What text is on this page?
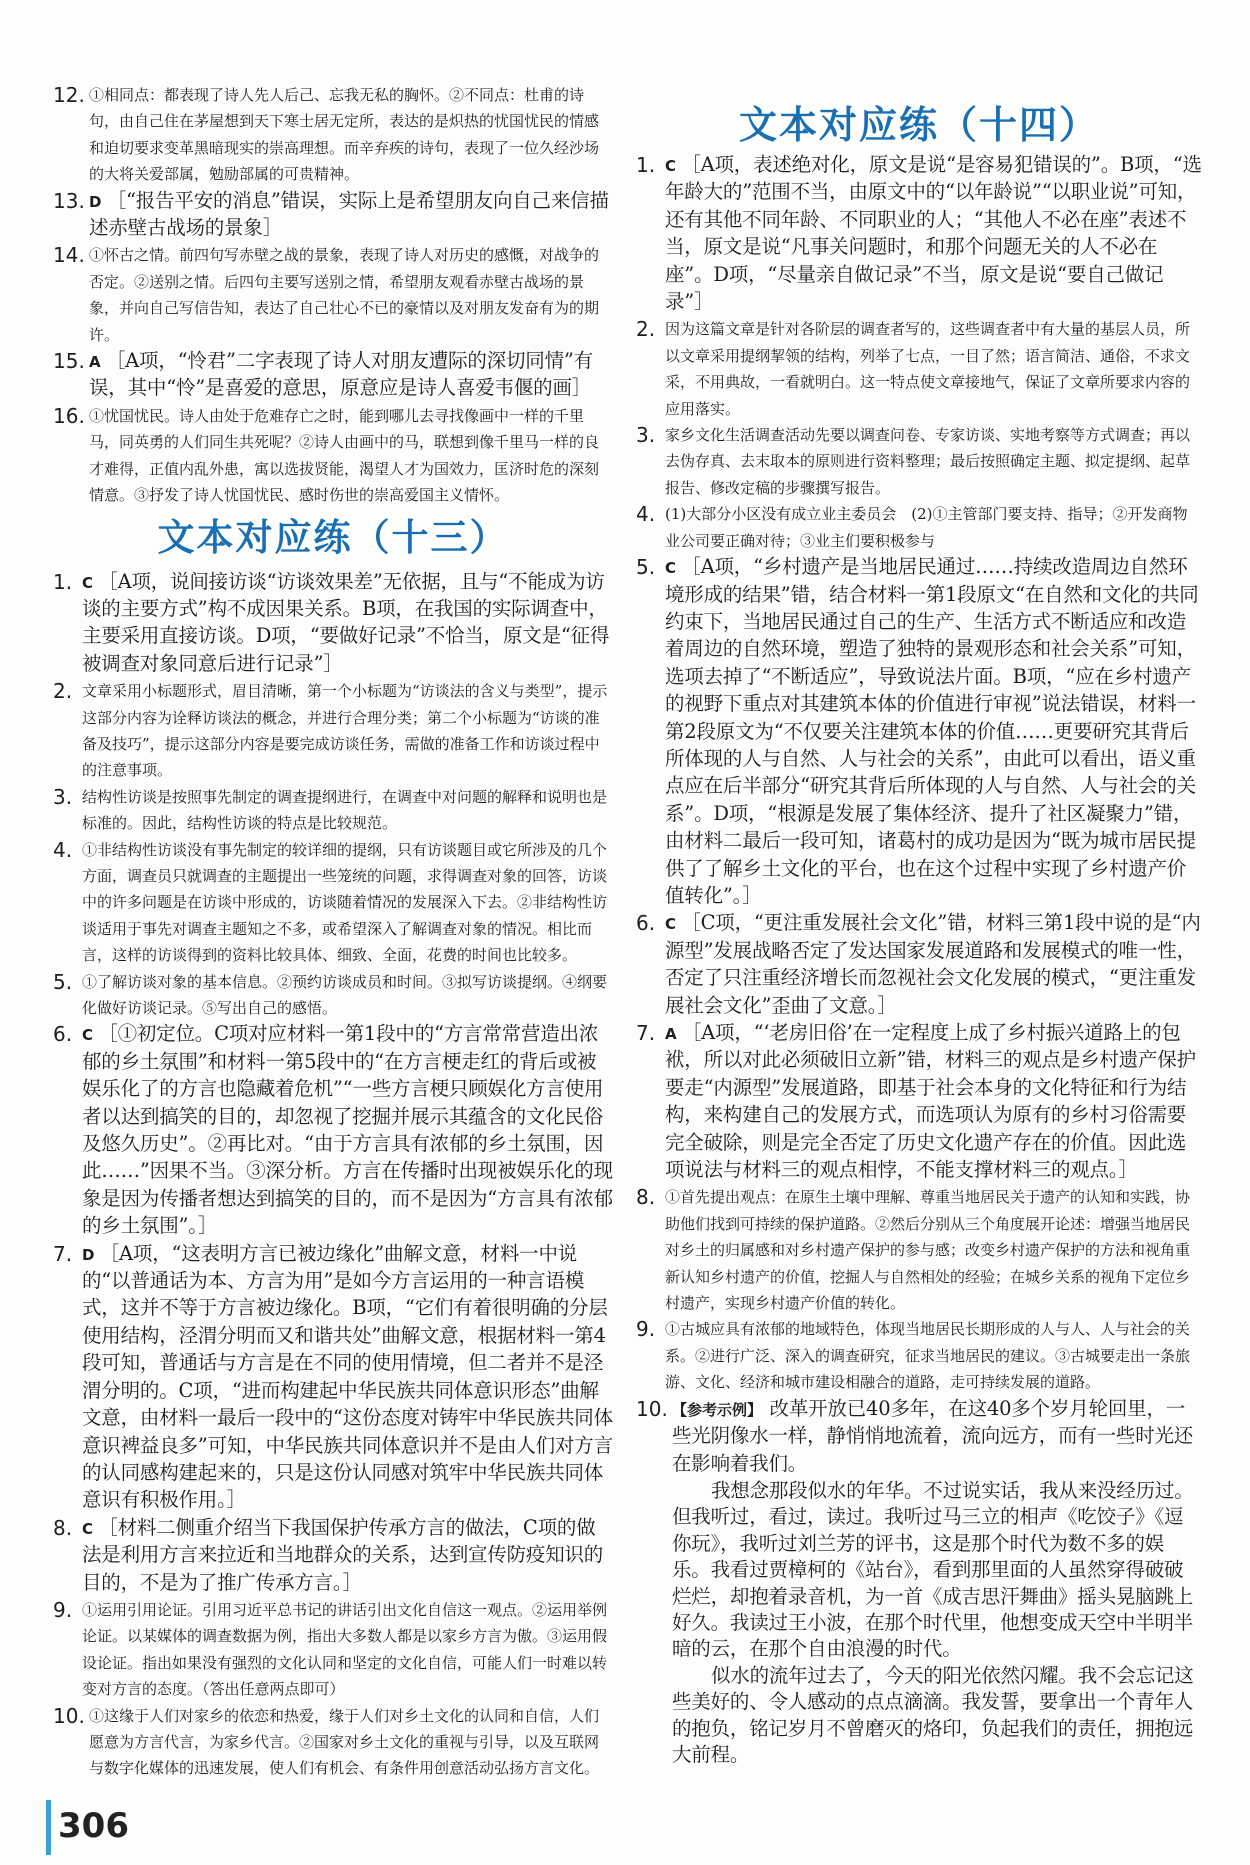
12. ①相同点：都表现了诗人先人后己、忘我无私的胸怀。②不同点：杜甫的诗句，由自己住在茅屋想到天下寒士居无定所，表达的是炽热的忧国忧民的情感和迫切要求变革黑暗现实的崇高理想。而辛弃疾的诗句，表现了一位久经沙场的大将关爱部属，勉励部属的可贵精神。

13. D　 ［“报告平安的消息”错误，实际上是希望朋友向自己来信描述赤壁古战场的景象］

14. ①怀古之情。前四句写赤壁之战的景象，表现了诗人对历史的感慨，对战争的否定。②送别之情。后四句主要写送别之情，希望朋友观看赤壁古战场的景象，并向自己写信告知，表达了自己壮心不已的豪情以及对朋友发奋有为的期许。

15. A　 ［A项，“怜君”二字表现了诗人对朋友遭际的深切同情”有误，其中“怜”是喜爱的意思，原意应是诗人喜爱韦偃的画］

16. ①忧国忧民。诗人由处于危难存亡之时，能到哪儿去寻找像画中一样的千里马，同英勇的人们同生共死呢？②诗人由画中的马，联想到像千里马一样的良才难得，正值内乱外患，寓以选拔贤能，渴望人才为国效力，匡济时危的深刻情意。③抒发了诗人忧国忧民、感时伤世的崇高爱国主义情怀。

文本对应练（十三）

1. C　 ［A项，说间接访谈“访谈效果差”无依据，且与“不能成为访谈的主要方式”构不成因果关系。B项，在我国的实际调查中，主要采用直接访谈。D项，“要做好记录”不恰当，原文是“征得被调查对象同意后进行记录”］

2. 文章采用小标题形式，眉目清晰，第一个小标题为“访谈法的含义与类型”，提示这部分内容为诠释访谈法的概念，并进行合理分类；第二个小标题为“访谈的准备及技巧”，提示这部分内容是要完成访谈任务，需做的准备工作和访谈过程中的注意事项。

3. 结构性访谈是按照事先制定的调查提纲进行，在调查中对问题的解释和说明也是标准的。因此，结构性访谈的特点是比较规范。

4. ①非结构性访谈没有事先制定的较详细的提纲，只有访谈题目或它所涉及的几个方面，调查员只就调查的主题提出一些笼统的问题，求得调查对象的回答，访谈中的许多问题是在访谈中形成的，访谈随着情况的发展深入下去。②非结构性访谈适用于事先对调查主题知之不多，或希望深入了解调查对象的情况。相比而言，这样的访谈得到的资料比较具体、细致、全面，花费的时间也比较多。

5. ①了解访谈对象的基本信息。②预约访谈成员和时间。③拟写访谈提纲。④纲要化做好访谈记录。⑤写出自己的感悟。

6. C　 ［①初定位。C项对应材料一第1段中的“方言常常营造出浓郁的乡土氛围”和材料一第5段中的“在方言梗走红的背后或被娱乐化了的方言也隐藏着危机”“一些方言梗只顾娱化方言使用者以达到搞笑的目的，却忽视了挖掘并展示其蕴含的文化民俗及悠久历史”。②再比对。“由于方言具有浓郁的乡土氛围，因此……”因果不当。③深分析。方言在传播时出现被娱乐化的现象是因为传播者想达到搞笑的目的，而不是因为“方言具有浓郁的乡土氛围”。］

7. D　 ［A项，“这表明方言已被边缘化”曲解文意，材料一中说的“以普通话为本、方言为用”是如今方言运用的一种言语模式，这并不等于方言被边缘化。B项，“它们有着很明确的分层使用结构，泾渭分明而又和谐共处”曲解文意，根据材料一第4段可知，普通话与方言是在不同的使用情境，但二者并不是泾渭分明的。C项，“进而构建起中华民族共同体意识形态”曲解文意，由材料一最后一段中的“这份态度对铸牢中华民族共同体意识裨益良多”可知，中华民族共同体意识并不是由人们对方言的认同感构建起来的，只是这份认同感对筑牢中华民族共同体意识有积极作用。］

8. C　 ［材料二侧重介绍当下我国保护传承方言的做法，C项的做法是利用方言来拉近和当地群众的关系，达到宣传防疫知识的目的，不是为了推广传承方言。］

9. ①运用引用论证。引用习近平总书记的讲话引出文化自信这一观点。②运用举例论证。以某媒体的调查数据为例，指出大多数人都是以家乡方言为傲。③运用假设论证。指出如果没有强烈的文化认同和坚定的文化自信，可能人们一时难以转变对方言的态度。（答出任意两点即可）

10. ①这缘于人们对家乡的依恋和热爱，缘于人们对乡土文化的认同和自信，人们愿意为方言代言，为家乡代言。②国家对乡土文化的重视与引导，以及互联网与数字化媒体的迅速发展，使人们有机会、有条件用创意活动弘扬方言文化。

文本对应练（十四）

1. C　 ［A项，表述绝对化，原文是说“是容易犯错误的”。B项，“选年龄大的”范围不当，由原文中的“以年龄说”“以职业说”可知，还有其他不同年龄、不同职业的人；“其他人不必在座”表述不当，原文是说“凡事关问题时，和那个问题无关的人不必在座”。D项，“尽量亲自做记录”不当，原文是说“要自己做记录”］

2. 因为这篇文章是针对各阶层的调查者写的，这些调查者中有大量的基层人员，所以文章采用提纲挈领的结构，列举了七点，一目了然；语言简洁、通俗，不求文采，不用典故，一看就明白。这一特点使文章接地气，保证了文章所要求内容的应用落实。

3. 家乡文化生活调查活动先要以调查问卷、专家访谈、实地考察等方式调查；再以去伪存真、去末取本的原则进行资料整理；最后按照确定主题、拟定提纲、起草报告、修改定稿的步骤撰写报告。

4. (1)大部分小区没有成立业主委员会　(2)①主管部门要支持、指导；②开发商物业公司要正确对待；③业主们要积极参与

5. C　 ［A项，“乡村遗产是当地居民通过……持续改造周边自然环境形成的结果”错，结合材料一第1段原文“在自然和文化的共同约束下，当地居民通过自己的生产、生活方式不断适应和改造着周边的自然环境，塑造了独特的景观形态和社会关系”可知，选项去掉了“不断适应”，导致说法片面。B项，“应在乡村遗产的视野下重点对其建筑本体的价值进行审视”说法错误，材料一第2段原文为“不仅要关注建筑本体的价值……更要研究其背后所体现的人与自然、人与社会的关系”，由此可以看出，语义重点应在后半部分“研究其背后所体现的人与自然、人与社会的关系”。D项，“根源是发展了集体经济、提升了社区凝聚力”错，由材料二最后一段可知，诸葛村的成功是因为“既为城市居民提供了了解乡土文化的平台，也在这个过程中实现了乡村遗产价值转化”。］

6. C　 ［C项，“更注重发展社会文化”错，材料三第1段中说的是“内源型”发展战略否定了发达国家发展道路和发展模式的唯一性，否定了只注重经济增长而忽视社会文化发展的模式，“更注重发展社会文化”歪曲了文意。］

7. A　 ［A项，“‘老房旧俗’在一定程度上成了乡村振兴道路上的包袱，所以对此必须破旧立新”错，材料三的观点是乡村遗产保护要走“内源型”发展道路，即基于社会本身的文化特征和行为结构，来构建自己的发展方式，而选项认为原有的乡村习俗需要完全破除，则是完全否定了历史文化遗产存在的价值。因此选项说法与材料三的观点相悖，不能支撑材料三的观点。］

8. ①首先提出观点：在原生土壤中理解、尊重当地居民关于遗产的认知和实践，协助他们找到可持续的保护道路。②然后分别从三个角度展开论述：增强当地居民对乡土的归属感和对乡村遗产保护的参与感；改变乡村遗产保护的方法和视角重新认知乡村遗产的价值，挖掘人与自然相处的经验；在城乡关系的视角下定位乡村遗产，实现乡村遗产价值的转化。

9. ①古城应具有浓郁的地域特色，体现当地居民长期形成的人与人、人与社会的关系。②进行广泛、深入的调查研究，征求当地居民的建议。③古城要走出一条旅游、文化、经济和城市建设相融合的道路，走可持续发展的道路。

10. 【参考示例】　 改革开放已40多年，在这40多个岁月轮回里，一些光阴像水一样，静悄悄地流着，流向远方，而有一些时光还在影响着我们。

我想念那段似水的年华。不过说实话，我从来没经历过。但我听过，看过，读过。我听过马三立的相声《吃饺子》《逗你玩》，我听过刘兰芳的评书，这是那个时代为数不多的娱乐。我看过贾樟柯的《站台》，看到那里面的人虽然穿得破破烂烂，却抱着录音机，为一首《成吉思汗舞曲》摇头晃脑跳上好久。我读过王小波，在那个时代里，他想变成天空中半明半暗的云，在那个自由浪漫的时代。

似水的流年过去了，今天的阳光依然闪耀。我不会忘记这些美好的、令人感动的点点滴滴。我发誓，要拿出一个青年人的抱负，铭记岁月不曾磨灭的烙印，负起我们的责任，拥抱远大前程。

306
